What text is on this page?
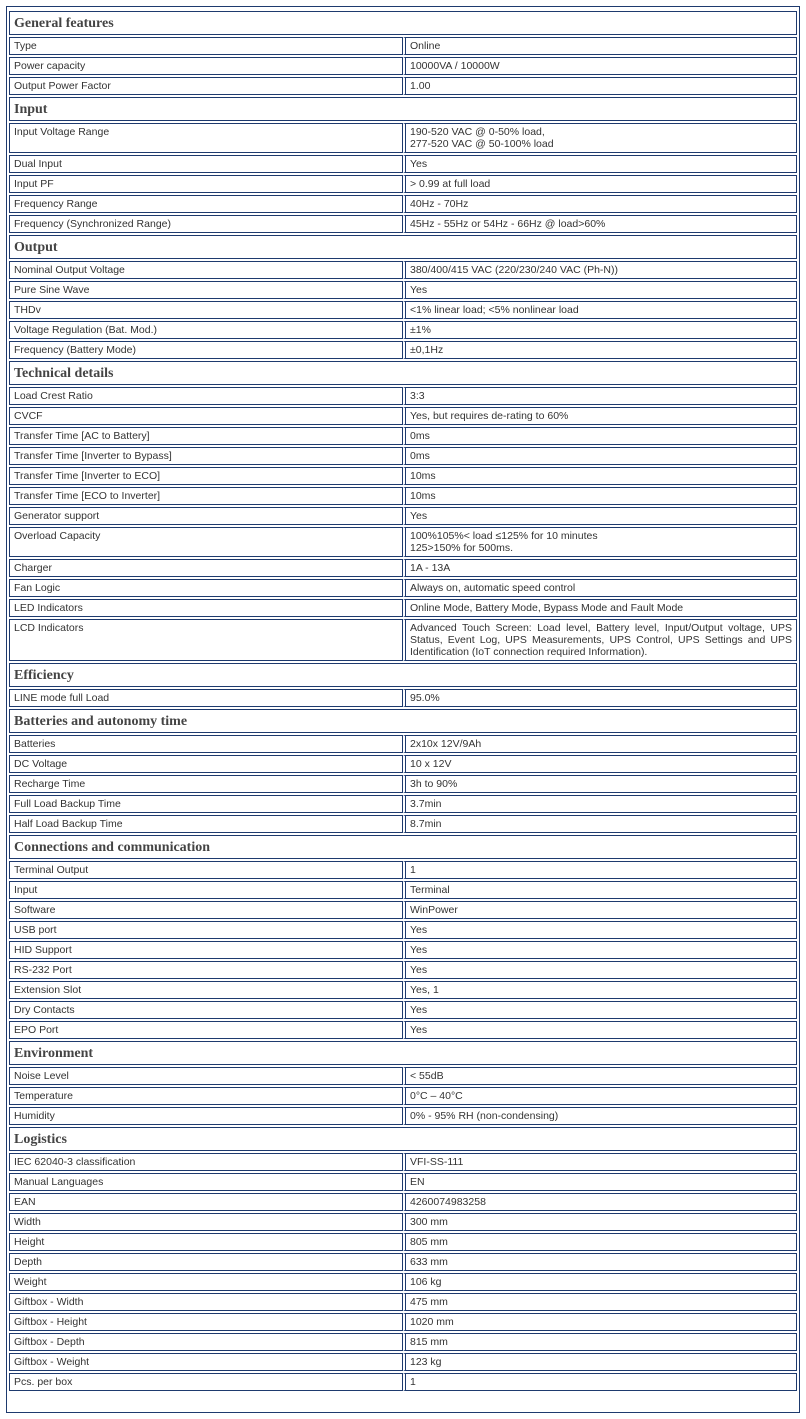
General features	
Type	Online
Power capacity	10000VA / 10000W
Output Power Factor	1.00
Input	
Input Voltage Range	190-520 VAC @ 0-50% load,
277-520 VAC @ 50-100% load
Dual Input	Yes
Input PF	> 0.99 at full load
Frequency Range	40Hz - 70Hz
Frequency (Synchronized Range)	45Hz - 55Hz or 54Hz - 66Hz @ load>60%
Output	
Nominal Output Voltage	380/400/415 VAC (220/230/240 VAC (Ph-N))
Pure Sine Wave	Yes
THDv	<1% linear load; <5% nonlinear load
Voltage Regulation (Bat. Mod.)	±1%
Frequency (Battery Mode)	±0,1Hz
Technical details	
Load Crest Ratio	3:3
CVCF	Yes, but requires de-rating to 60%
Transfer Time [AC to Battery]	0ms
Transfer Time [Inverter to Bypass]	0ms
Transfer Time [Inverter to ECO]	10ms
Transfer Time [ECO to Inverter]	10ms
Generator support	Yes
Overload Capacity	100%105%< load ≤125% for 10 minutes
125>150% for 500ms.
Charger	1A - 13A
Fan Logic	Always on, automatic speed control
LED Indicators	Online Mode, Battery Mode, Bypass Mode and Fault Mode
LCD Indicators	Advanced Touch Screen: Load level, Battery level, Input/Output voltage, UPS Status, Event Log, UPS Measurements, UPS Control, UPS Settings and UPS Identification (IoT connection required Information).
Efficiency	
LINE mode full Load	95.0%
Batteries and autonomy time	
Batteries	2x10x 12V/9Ah
DC Voltage	10 x 12V
Recharge Time	3h to 90%
Full Load Backup Time	3.7min
Half Load Backup Time	8.7min
Connections and communication	
Terminal Output	1
Input	Terminal
Software	WinPower
USB port	Yes
HID Support	Yes
RS-232 Port	Yes
Extension Slot	Yes, 1
Dry Contacts	Yes
EPO Port	Yes
Environment	
Noise Level	< 55dB
Temperature	0°C – 40°C
Humidity	0% - 95% RH (non-condensing)
Logistics	
IEC 62040-3 classification	VFI-SS-111
Manual Languages	EN
EAN	4260074983258
Width	300 mm
Height	805 mm
Depth	633 mm
Weight	106 kg
Giftbox - Width	475 mm
Giftbox - Height	1020 mm
Giftbox - Depth	815 mm
Giftbox - Weight	123 kg
Pcs. per box	1
